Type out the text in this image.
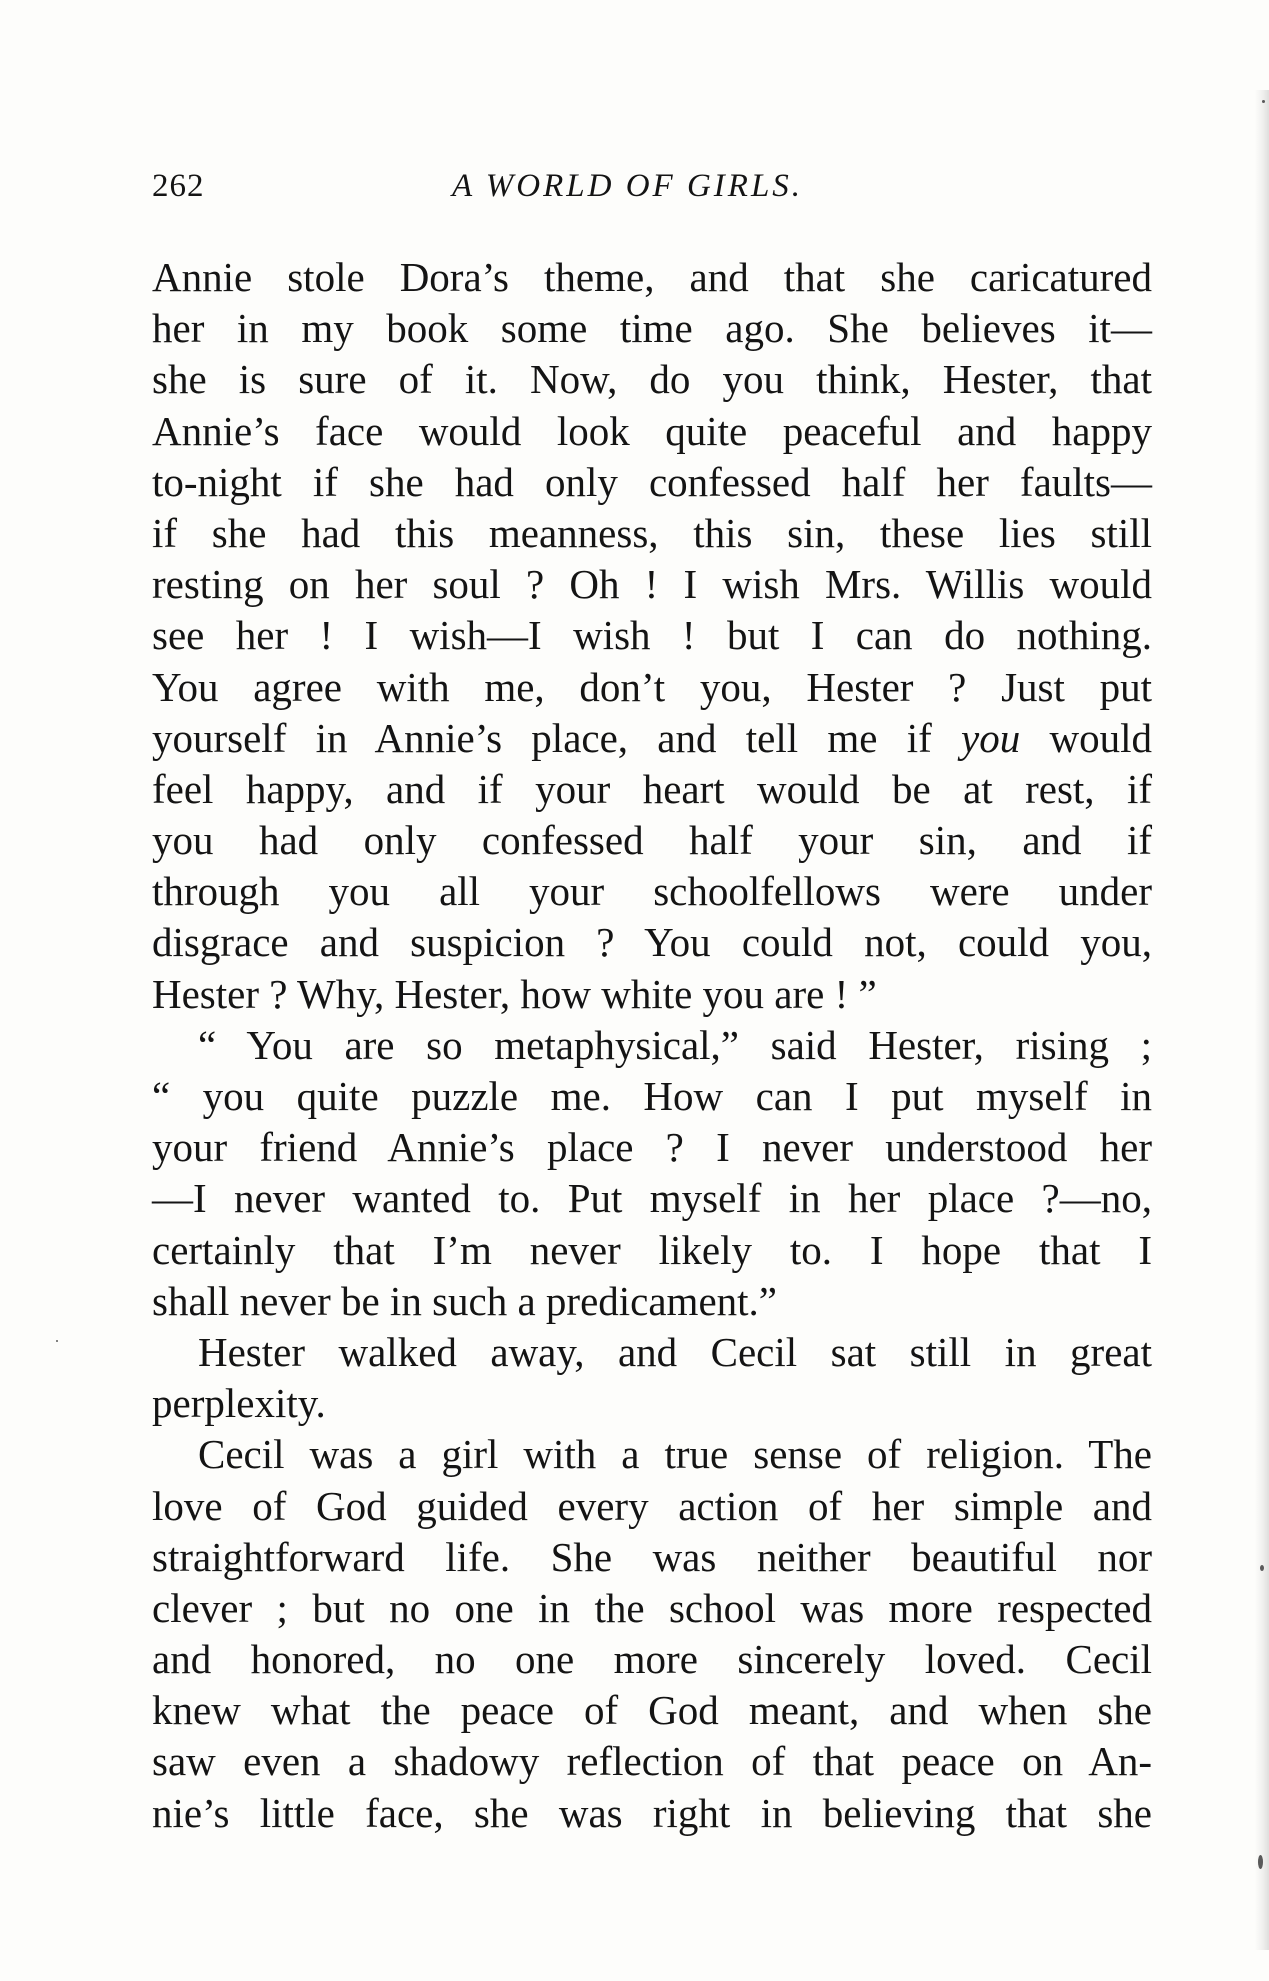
262	A WORLD OF GIRLS.
Annie stole Dora’s theme, and that she caricatured
her in my book some time ago. She believes it—
she is sure of it. Now, do you think, Hester, that
Annie’s face would look quite peaceful and happy
to-night if she had only confessed half her faults—
if she had this meanness, this sin, these lies still
resting on her soul ? Oh ! I wish Mrs. Willis would
see her ! I wish—I wish ! but I can do nothing.
You agree with me, don’t you, Hester ? Just put
yourself in Annie’s place, and tell me if you would
feel happy, and if your heart would be at rest, if
you had only confessed half your sin, and if
through you all your schoolfellows were under
disgrace and suspicion ? You could not, could you,
Hester ? Why, Hester, how white you are ! ”
“ You are so metaphysical,” said Hester, rising ;
“ you quite puzzle me. How can I put myself in
your friend Annie’s place ? I never understood her
—I never wanted to. Put myself in her place ?—no,
certainly that I’m never likely to. I hope that I
shall never be in such a predicament.”
Hester walked away, and Cecil sat still in great
perplexity.
Cecil was a girl with a true sense of religion. The
love of God guided every action of her simple and
straightforward life. She was neither beautiful nor
clever ; but no one in the school was more respected
and honored, no one more sincerely loved. Cecil
knew what the peace of God meant, and when she
saw even a shadowy reflection of that peace on An-
nie’s little face, she was right in believing that she
